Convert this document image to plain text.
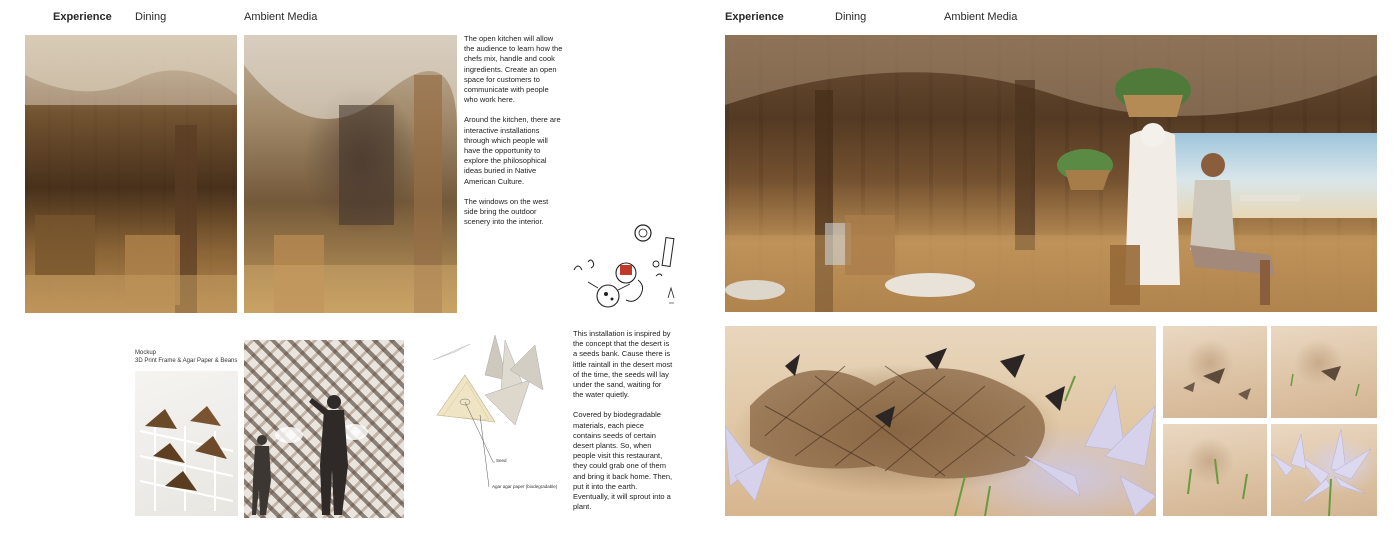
Experience Dining	Ambient Media

The open kitchen will allow the audience to learn how the chefs mix, handle and cook ingredients. Create an open space for customers to communicate with people who work here.

Around the kitchen, there are interactive installations through which people will have the opportunity to explore the philosophical ideas buried in Native American Culture.

The windows on the west side bring the outdoor scenery into the interior.

Mockup
3D Print Frame & Agar Paper & Beans
Seed
Agar agar paper (biodegradable)

This installation is inspired by the concept that the desert is a seeds bank. Cause there is little raintall in the desert most of the time, the seeds will lay under the sand, waiting for the water quietly.

Covered by biodegradable materials, each piece contains seeds of certain desert plants. So, when people visit this restaurant, they could grab one of them and bring it back home. Then, put it into the earth. Eventually, it will sprout into a plant.

Experience	Dining	Ambient Media
